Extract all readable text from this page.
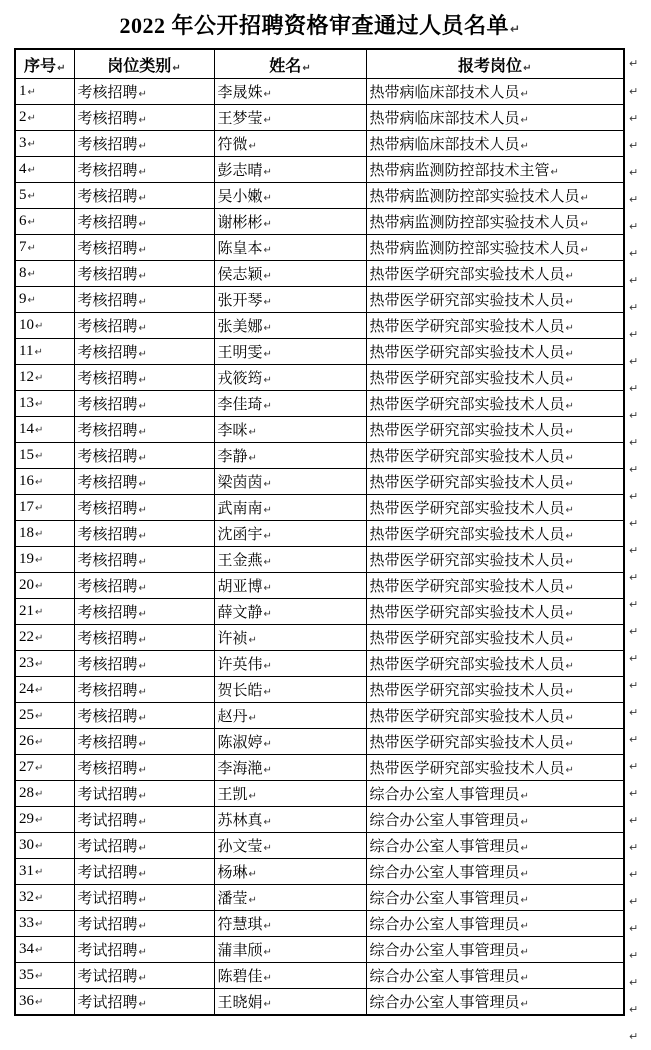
2022 年公开招聘资格审查通过人员名单↵
序号↵	岗位类别↵	姓名↵	报考岗位↵
1↵	考核招聘↵	李晟姝↵	热带病临床部技术人员↵
2↵	考核招聘↵	王梦莹↵	热带病临床部技术人员↵
3↵	考核招聘↵	符微↵	热带病临床部技术人员↵
4↵	考核招聘↵	彭志晴↵	热带病监测防控部技术主管↵
5↵	考核招聘↵	吴小嫩↵	热带病监测防控部实验技术人员↵
6↵	考核招聘↵	谢彬彬↵	热带病监测防控部实验技术人员↵
7↵	考核招聘↵	陈皇本↵	热带病监测防控部实验技术人员↵
8↵	考核招聘↵	侯志颖↵	热带医学研究部实验技术人员↵
9↵	考核招聘↵	张开琴↵	热带医学研究部实验技术人员↵
10↵	考核招聘↵	张美娜↵	热带医学研究部实验技术人员↵
11↵	考核招聘↵	王明雯↵	热带医学研究部实验技术人员↵
12↵	考核招聘↵	戎筱筠↵	热带医学研究部实验技术人员↵
13↵	考核招聘↵	李佳琦↵	热带医学研究部实验技术人员↵
14↵	考核招聘↵	李咪↵	热带医学研究部实验技术人员↵
15↵	考核招聘↵	李静↵	热带医学研究部实验技术人员↵
16↵	考核招聘↵	梁茵茵↵	热带医学研究部实验技术人员↵
17↵	考核招聘↵	武南南↵	热带医学研究部实验技术人员↵
18↵	考核招聘↵	沈函宇↵	热带医学研究部实验技术人员↵
19↵	考核招聘↵	王金燕↵	热带医学研究部实验技术人员↵
20↵	考核招聘↵	胡亚博↵	热带医学研究部实验技术人员↵
21↵	考核招聘↵	薛文静↵	热带医学研究部实验技术人员↵
22↵	考核招聘↵	许祯↵	热带医学研究部实验技术人员↵
23↵	考核招聘↵	许英伟↵	热带医学研究部实验技术人员↵
24↵	考核招聘↵	贺长皓↵	热带医学研究部实验技术人员↵
25↵	考核招聘↵	赵丹↵	热带医学研究部实验技术人员↵
26↵	考核招聘↵	陈淑婷↵	热带医学研究部实验技术人员↵
27↵	考核招聘↵	李海滟↵	热带医学研究部实验技术人员↵
28↵	考试招聘↵	王凯↵	综合办公室人事管理员↵
29↵	考试招聘↵	苏林真↵	综合办公室人事管理员↵
30↵	考试招聘↵	孙文莹↵	综合办公室人事管理员↵
31↵	考试招聘↵	杨琳↵	综合办公室人事管理员↵
32↵	考试招聘↵	潘莹↵	综合办公室人事管理员↵
33↵	考试招聘↵	符慧琪↵	综合办公室人事管理员↵
34↵	考试招聘↵	蒲聿颀↵	综合办公室人事管理员↵
35↵	考试招聘↵	陈碧佳↵	综合办公室人事管理员↵
36↵	考试招聘↵	王晓娟↵	综合办公室人事管理员↵
↵
↵
↵
↵
↵
↵
↵
↵
↵
↵
↵
↵
↵
↵
↵
↵
↵
↵
↵
↵
↵
↵
↵
↵
↵
↵
↵
↵
↵
↵
↵
↵
↵
↵
↵
↵
↵
